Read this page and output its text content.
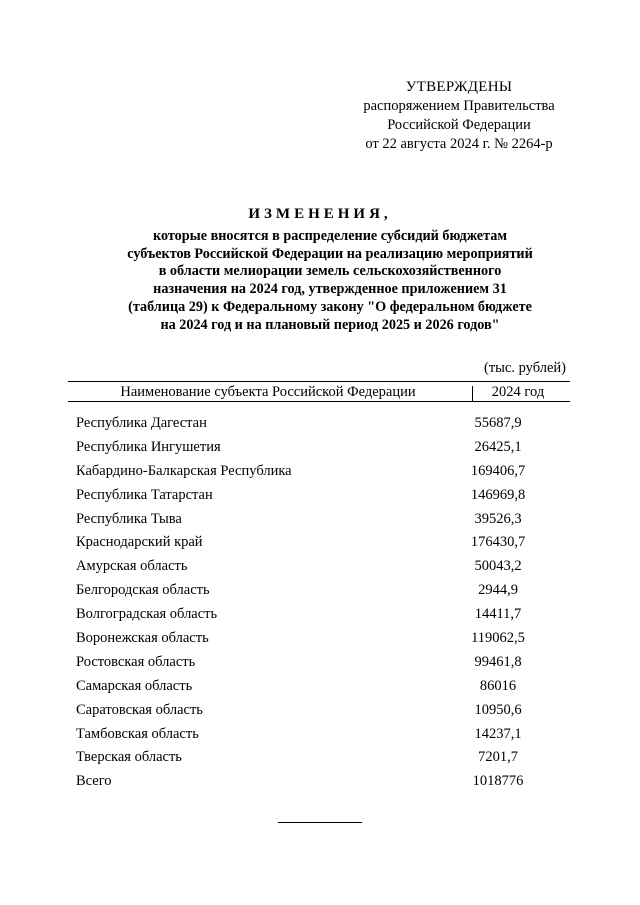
УТВЕРЖДЕНЫ
распоряжением Правительства
Российской Федерации
от 22 августа 2024 г. № 2264-р
ИЗМЕНЕНИЯ,
которые вносятся в распределение субсидий бюджетам
субъектов Российской Федерации на реализацию мероприятий
в области мелиорации земель сельскохозяйственного
назначения на 2024 год, утвержденное приложением 31
(таблица 29) к Федеральному закону "О федеральном бюджете
на 2024 год и на плановый период 2025 и 2026 годов"
(тыс. рублей)
Наименование субъекта Российской Федерации	2024 год
Республика Дагестан	55687,9
Республика Ингушетия	26425,1
Кабардино-Балкарская Республика	169406,7
Республика Татарстан	146969,8
Республика Тыва	39526,3
Краснодарский край	176430,7
Амурская область	50043,2
Белгородская область	2944,9
Волгоградская область	14411,7
Воронежская область	119062,5
Ростовская область	99461,8
Самарская область	86016
Саратовская область	10950,6
Тамбовская область	14237,1
Тверская область	7201,7
Всего	1018776
